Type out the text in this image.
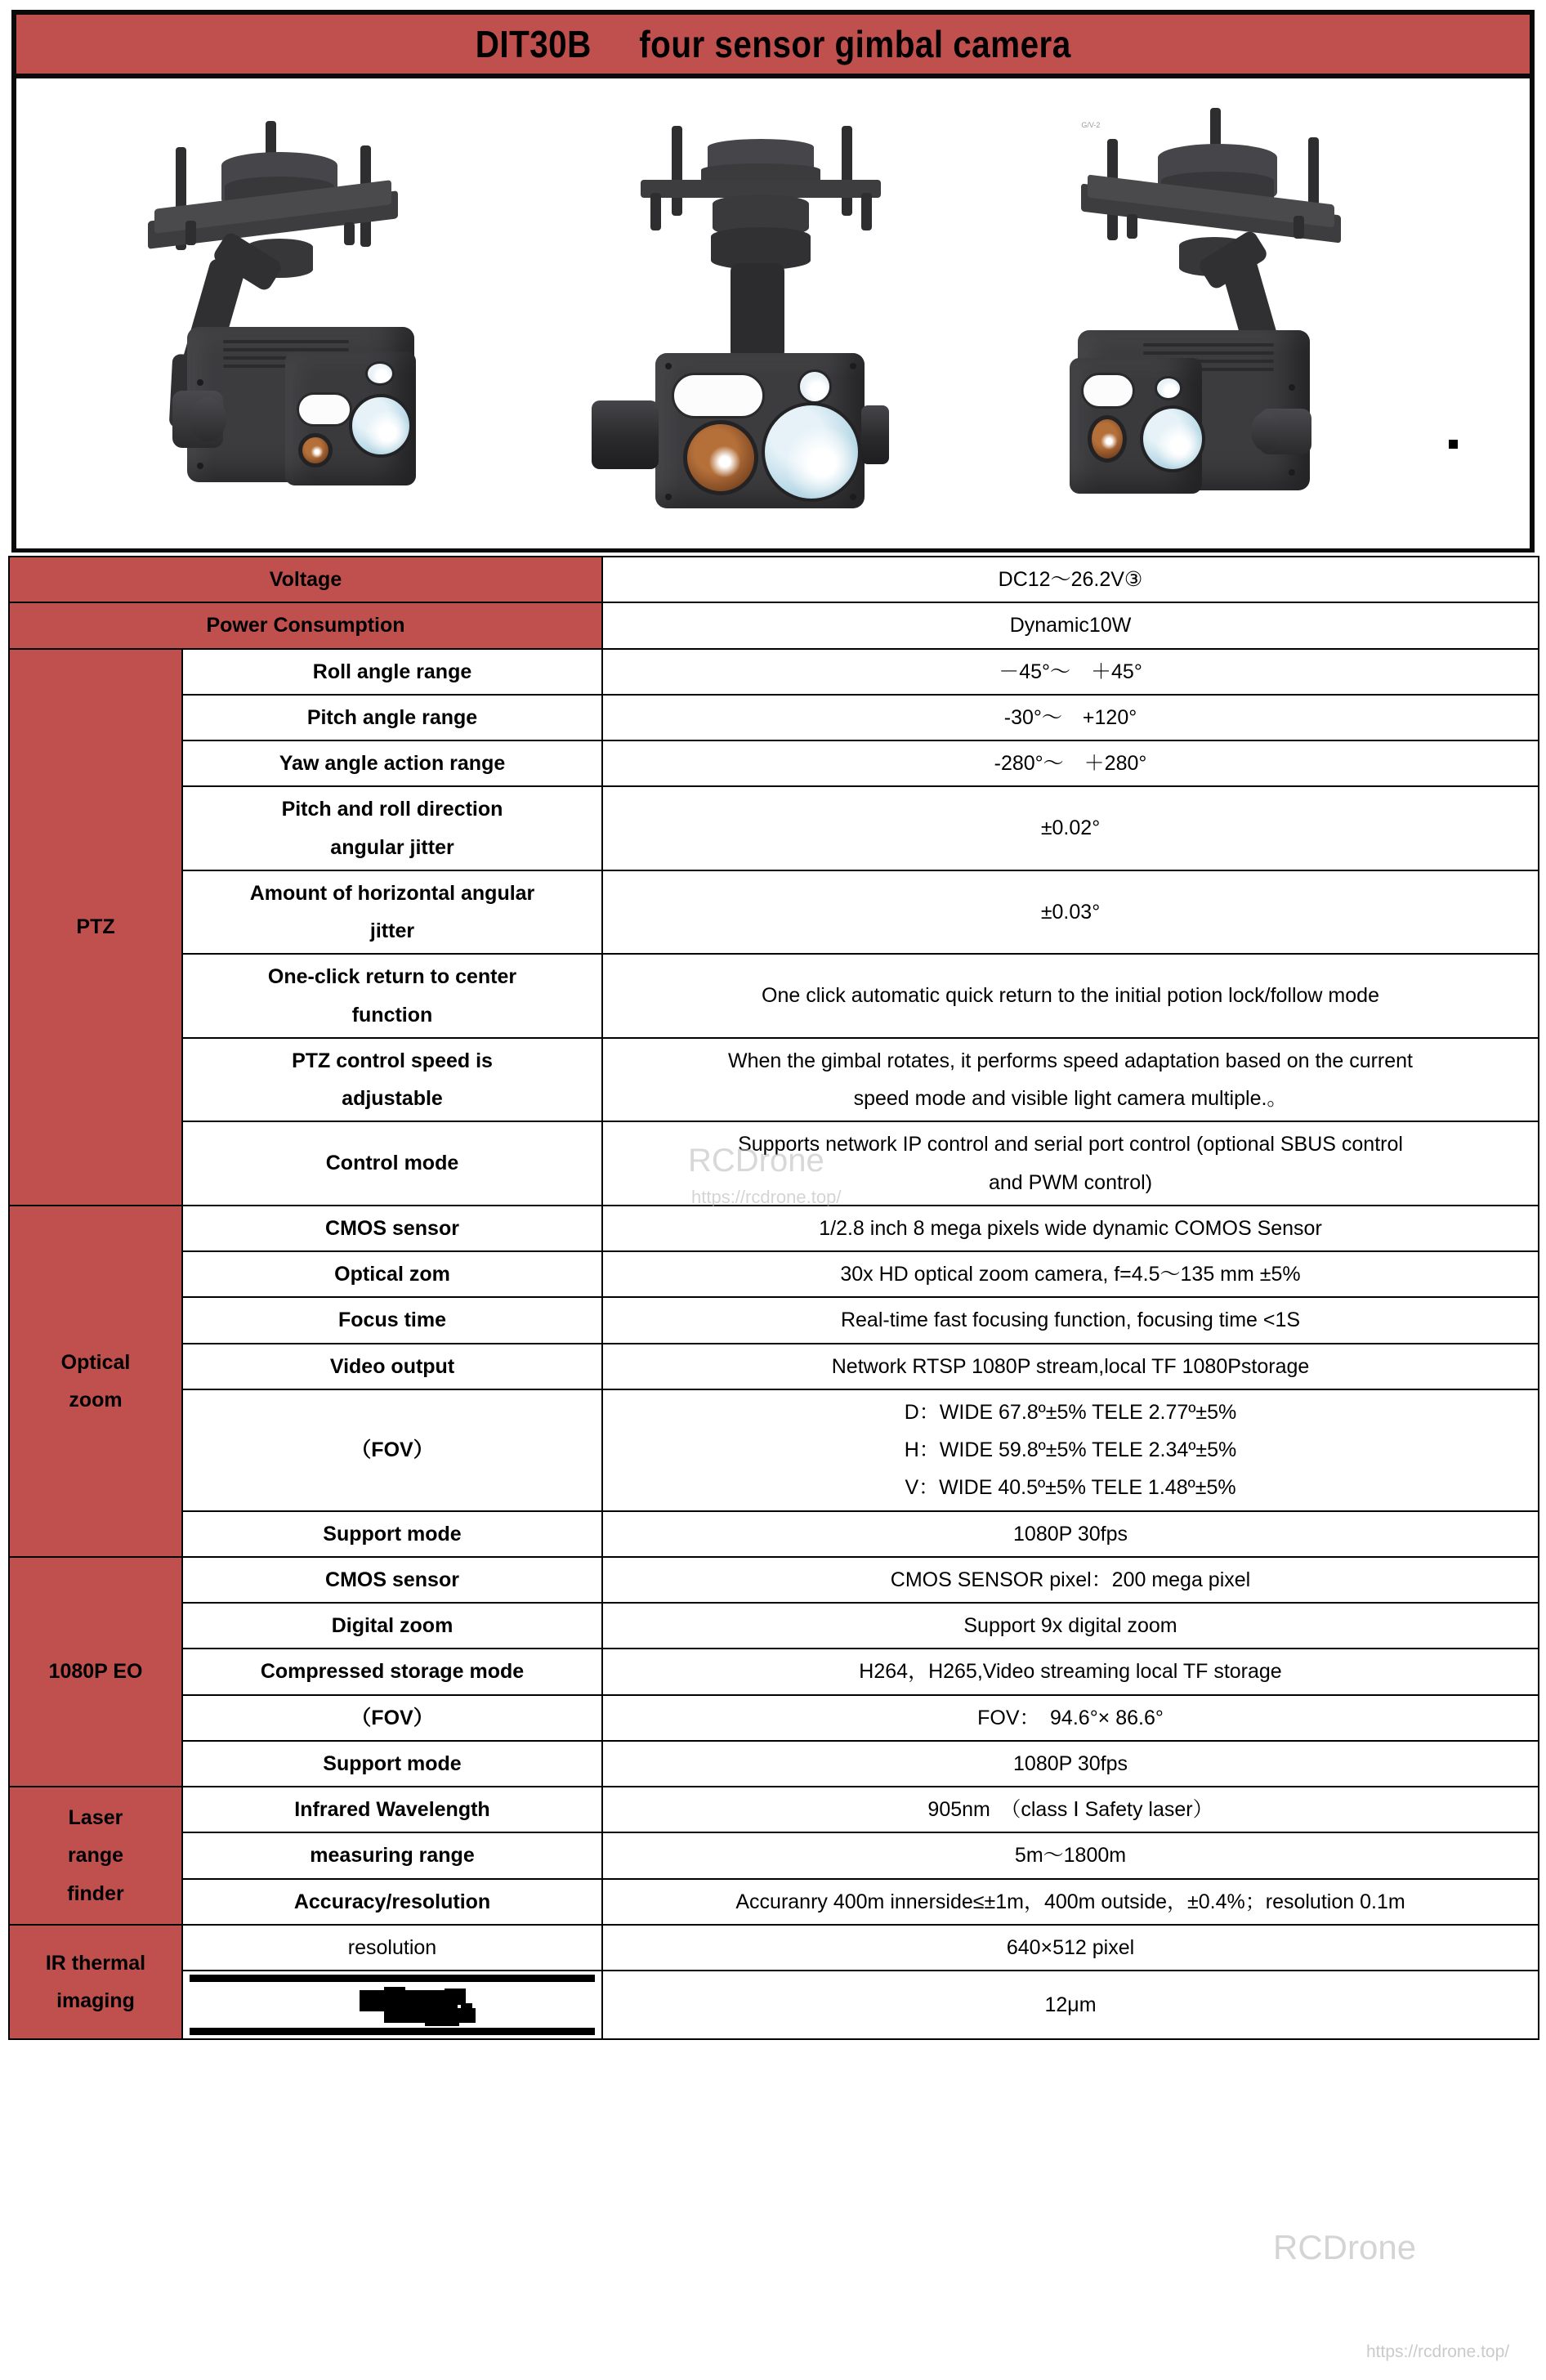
DIT30B     four sensor gimbal camera
G/V-2
Voltage		DC12〜26.2V③
Power Consumption		Dynamic10W
PTZ	Roll angle range	－45°〜　＋45°
	Pitch angle range	-30°〜　+120°
	Yaw angle action range	-280°〜　＋280°

	Pitch and roll direction
angular jitter	±0.02°

	Amount of horizontal angular
jitter	±0.03°

	One-click return to center
function	One click automatic quick return to the initial potion lock/follow mode

	PTZ control speed is
adjustable	When the gimbal rotates, it performs speed adaptation based on the current
speed mode and visible light camera multiple.。

	Control mode	Supports network IP control and serial port control (optional SBUS control
and PWM control)

Optical
zoom	CMOS sensor	1/2.8 inch 8 mega pixels wide dynamic COMOS Sensor
	Optical zom	30x HD optical zoom camera, f=4.5〜135 mm ±5%
	Focus time	Real-time fast focusing function, focusing time <1S
	Video output	Network RTSP 1080P stream,local TF 1080Pstorage
	（FOV）	D：WIDE 67.8º±5% TELE 2.77º±5%
H：WIDE 59.8º±5% TELE 2.34º±5%
V：WIDE 40.5º±5% TELE 1.48º±5%

	Support mode	1080P 30fps
1080P EO	CMOS sensor	CMOS SENSOR pixel：200 mega pixel
	Digital zoom	Support 9x digital zoom
	Compressed storage mode	H264，H265,Video streaming local TF storage
	（FOV）	FOV：　94.6°× 86.6°
	Support mode	1080P 30fps

Laser
range
finder	Infrared Wavelength	905nm　（class Ⅰ Safety laser）
	measuring range	5m〜1800m
	Accuracy/resolution	Accuranry 400m innerside≤±1m，400m outside，±0.4%；resolution 0.1m

IR thermal
imaging	resolution	640×512 pixel

		12μm
RCDrone
https://rcdrone.top/
RCDrone
https://rcdrone.top/
